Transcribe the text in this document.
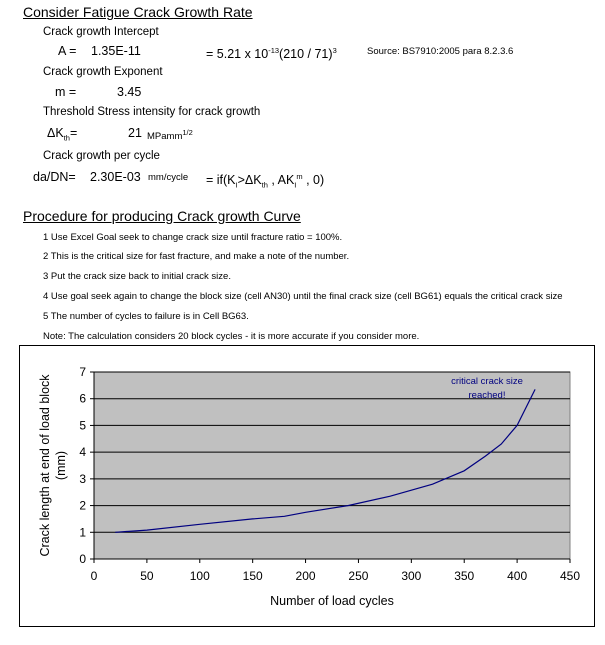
Consider Fatigue Crack Growth Rate
Crack growth Intercept
A = 1.35E-11	= 5.21 x $10^{-13}(210 / 71)^3$	Source: BS7910:2005 para 8.2.3.6
Crack growth Exponent
m =	3.45
Threshold Stress intensity for crack growth
$\Delta K_{th}=$	21 MPamm$^{1/2}$
Crack growth per cycle
da/DN= 2.30E-03 mm/cycle = $if(K_I>\Delta K_{th}$ , $AK_I^m$ , 0)
Procedure for producing Crack growth Curve
1 Use Excel Goal seek to change crack size until fracture ratio = 100%.
2 This is the critical size for fast fracture, and make a note of the number.
3 Put the crack size back to initial crack size.
4 Use goal seek again to change the block size (cell AN30) until the final crack size (cell BG61) equals the critical crack size
5 The number of cycles to failure is in Cell BG63.
Note: The calculation considers 20 block cycles - it is more accurate if you consider more.
0
1
2
3
4
5
6
7
0	50	100	150	200	250	300	350	400	450
Number of load cycles
Crack length at end of load block (mm)
critical crack size
reached!
